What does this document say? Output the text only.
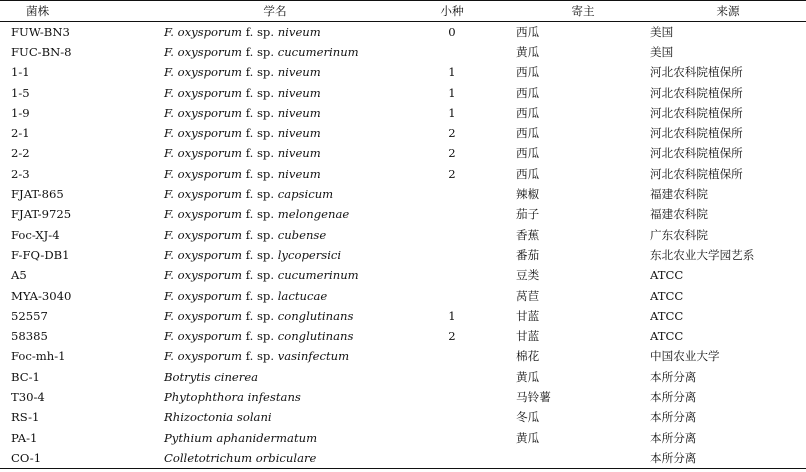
菌株	学名	小种	寄主	来源
FUW-BN3	F. oxysporum f. sp. niveum	0	西瓜	美国
FUC-BN-8	F. oxysporum f. sp. cucumerinum		黄瓜	美国
1-1	F. oxysporum f. sp. niveum	1	西瓜	河北农科院植保所
1-5	F. oxysporum f. sp. niveum	1	西瓜	河北农科院植保所
1-9	F. oxysporum f. sp. niveum	1	西瓜	河北农科院植保所
2-1	F. oxysporum f. sp. niveum	2	西瓜	河北农科院植保所
2-2	F. oxysporum f. sp. niveum	2	西瓜	河北农科院植保所
2-3	F. oxysporum f. sp. niveum	2	西瓜	河北农科院植保所
FJAT-865	F. oxysporum f. sp. capsicum		辣椒	福建农科院
FJAT-9725	F. oxysporum f. sp. melongenae		茄子	福建农科院
Foc-XJ-4	F. oxysporum f. sp. cubense		香蕉	广东农科院
F-FQ-DB1	F. oxysporum f. sp. lycopersici		番茄	东北农业大学园艺系
A5	F. oxysporum f. sp. cucumerinum		豆类	ATCC
MYA-3040	F. oxysporum f. sp. lactucae		莴苣	ATCC
52557	F. oxysporum f. sp. conglutinans	1	甘蓝	ATCC
58385	F. oxysporum f. sp. conglutinans	2	甘蓝	ATCC
Foc-mh-1	F. oxysporum f. sp. vasinfectum		棉花	中国农业大学
BC-1	Botrytis cinerea		黄瓜	本所分离
T30-4	Phytophthora infestans		马铃薯	本所分离
RS-1	Rhizoctonia solani		冬瓜	本所分离
PA-1	Pythium aphanidermatum		黄瓜	本所分离
CO-1	Colletotrichum orbiculare			本所分离
